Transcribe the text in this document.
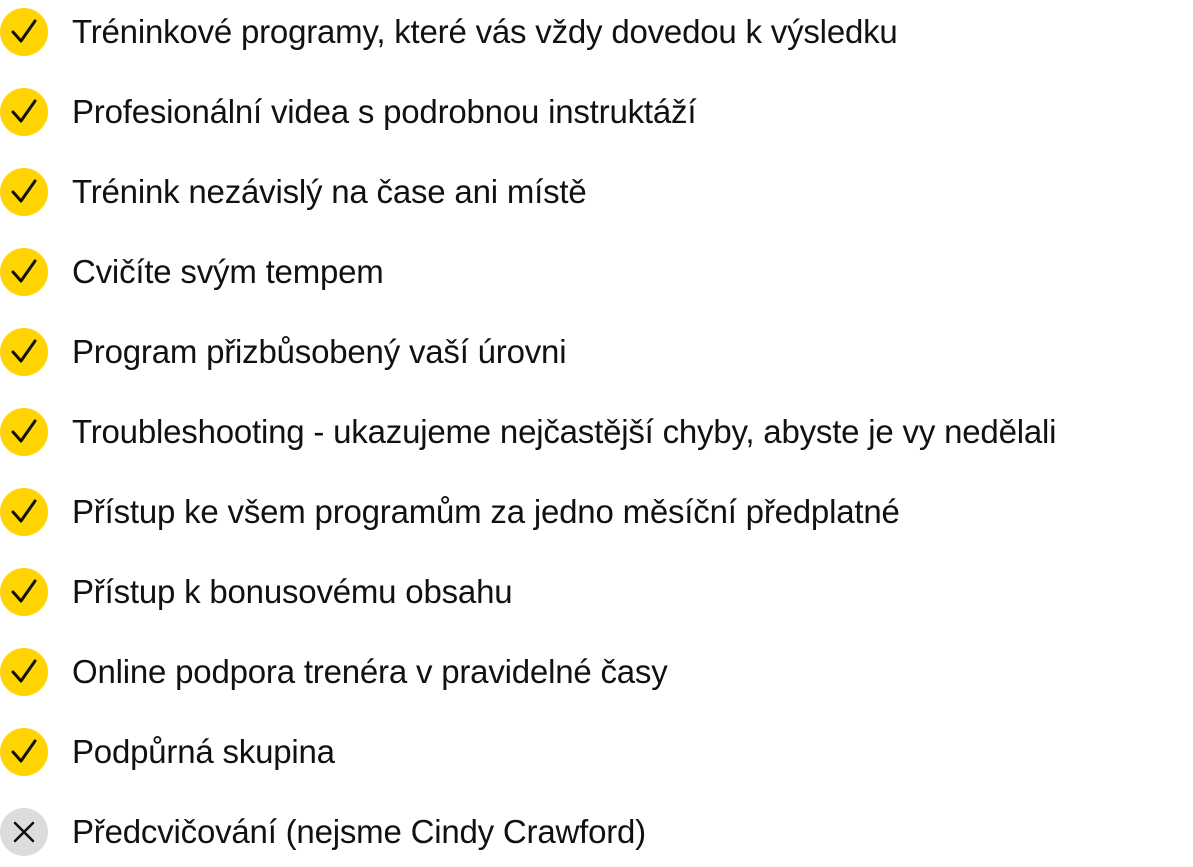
Tréninkové programy, které vás vždy dovedou k výsledku
Profesionální videa s podrobnou instruktáží
Trénink nezávislý na čase ani místě
Cvičíte svým tempem
Program přizbůsobený vaší úrovni
Troubleshooting - ukazujeme nejčastější chyby, abyste je vy nedělali
Přístup ke všem programům za jedno měsíční předplatné
Přístup k bonusovému obsahu
Online podpora trenéra v pravidelné časy
Podpůrná skupina
Předcvičování (nejsme Cindy Crawford)
